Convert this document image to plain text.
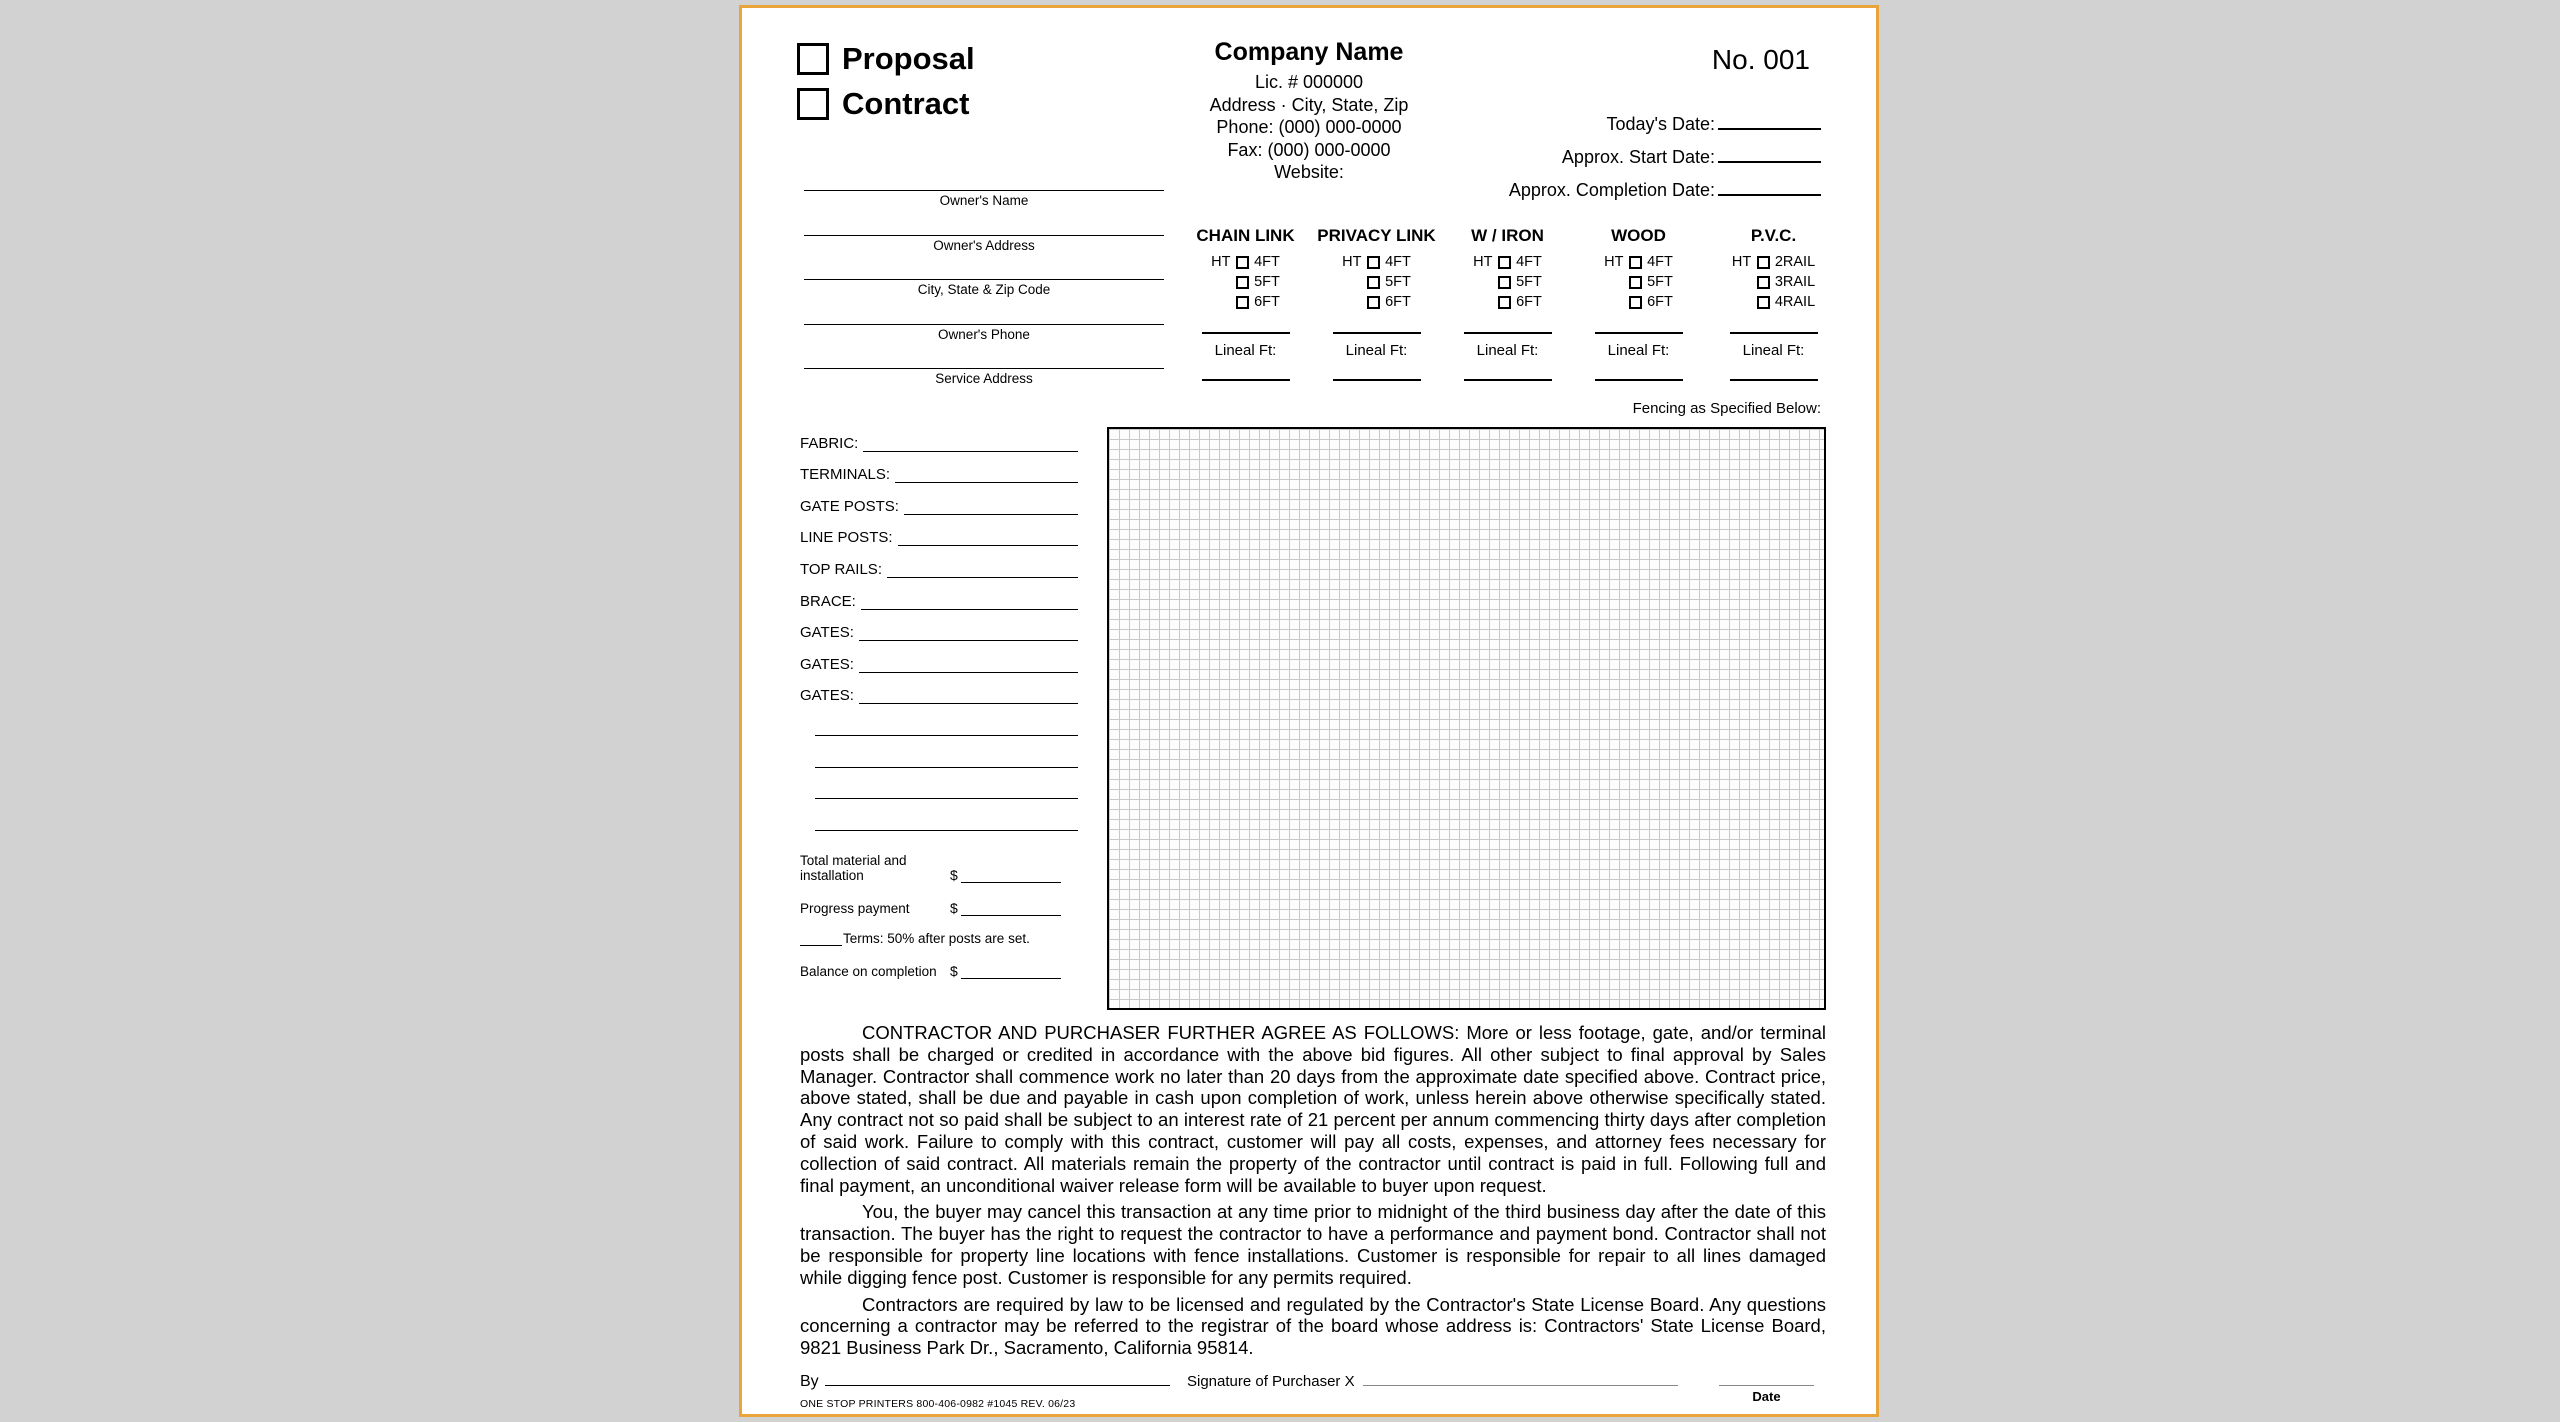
Proposal
Contract
Company Name
Lic. # 000000
Address · City, State, Zip
Phone: (000) 000-0000
Fax: (000) 000-0000
Website:
No. 001
Today's Date:
Approx. Start Date:
Approx. Completion Date:
Owner's Name
Owner's Address
City, State & Zip Code
Owner's Phone
Service Address
CHAIN LINK
HT	4FT
5FT
6FT
Lineal Ft:
PRIVACY LINK
HT	4FT
5FT
6FT
Lineal Ft:
W / IRON
HT	4FT
5FT
6FT
Lineal Ft:
WOOD
HT	4FT
5FT
6FT
Lineal Ft:
P.V.C.
HT	2RAIL
3RAIL
4RAIL
Lineal Ft:
Fencing as Specified Below:
FABRIC:
TERMINALS:
GATE POSTS:
LINE POSTS:
TOP RAILS:
BRACE:
GATES:
GATES:
GATES:
Total material and installation	$
Progress payment	$
Terms: 50% after posts are set.
Balance on completion $

CONTRACTOR AND PURCHASER FURTHER AGREE AS FOLLOWS: More or less footage, gate, and/or terminal posts shall be charged or credited in accordance with the above bid figures. All other subject to final approval by Sales Manager. Contractor shall commence work no later than 20 days from the approximate date specified above. Contract price, above stated, shall be due and payable in cash upon completion of work, unless herein above otherwise specifically stated. Any contract not so paid shall be subject to an interest rate of 21 percent per annum commencing thirty days after completion of said work. Failure to comply with this contract, customer will pay all costs, expenses, and attorney fees necessary for collection of said contract. All materials remain the property of the contractor until contract is paid in full. Following full and final payment, an unconditional waiver release form will be available to buyer upon request.

You, the buyer may cancel this transaction at any time prior to midnight of the third business day after the date of this transaction. The buyer has the right to request the contractor to have a performance and payment bond. Contractor shall not be responsible for property line locations with fence installations. Customer is responsible for repair to all lines damaged while digging fence post. Customer is responsible for any permits required.

Contractors are required by law to be licensed and regulated by the Contractor's State License Board. Any questions concerning a contractor may be referred to the registrar of the board whose address is: Contractors' State License Board, 9821 Business Park Dr., Sacramento, California 95814.

By
ONE STOP PRINTERS 800-406-0982 #1045 REV. 06/23
Signature of Purchaser X
Date
